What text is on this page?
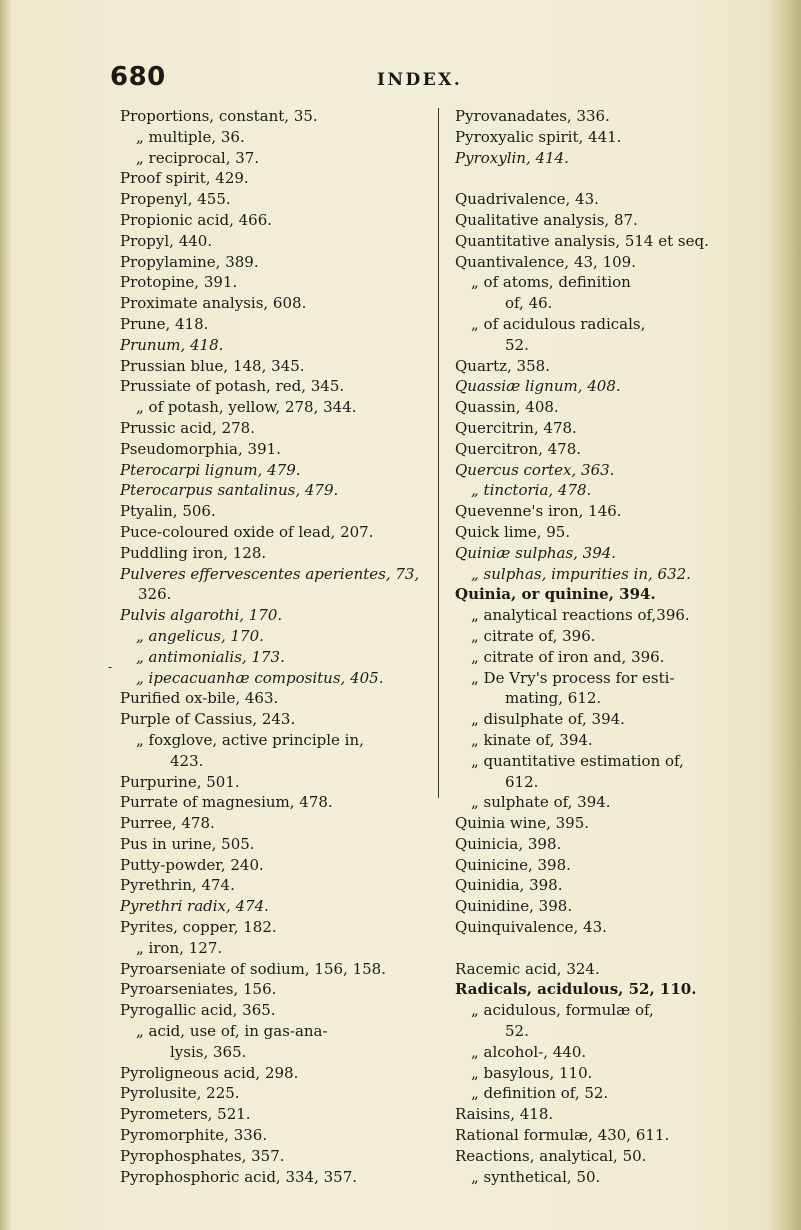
680	INDEX.
-
Proportions, constant, 35.
„ multiple, 36.
„ reciprocal, 37.
Proof spirit, 429.
Propenyl, 455.
Propionic acid, 466.
Propyl, 440.
Propylamine, 389.
Protopine, 391.
Proximate analysis, 608.
Prune, 418.
Prunum, 418.
Prussian blue, 148, 345.
Prussiate of potash, red, 345.
„ of potash, yellow, 278, 344.
Prussic acid, 278.
Pseudomorphia, 391.
Pterocarpi lignum, 479.
Pterocarpus santalinus, 479.
Ptyalin, 506.
Puce-coloured oxide of lead, 207.
Puddling iron, 128.
Pulveres effervescentes aperientes, 73,
326.
Pulvis algarothi, 170.
„ angelicus, 170.
„ antimonialis, 173.
„ ipecacuanhæ compositus, 405.
Purified ox-bile, 463.
Purple of Cassius, 243.
„ foxglove, active principle in,
423.
Purpurine, 501.
Purrate of magnesium, 478.
Purree, 478.
Pus in urine, 505.
Putty-powder, 240.
Pyrethrin, 474.
Pyrethri radix, 474.
Pyrites, copper, 182.
„ iron, 127.
Pyroarseniate of sodium, 156, 158.
Pyroarseniates, 156.
Pyrogallic acid, 365.
„ acid, use of, in gas-ana-
lysis, 365.
Pyroligneous acid, 298.
Pyrolusite, 225.
Pyrometers, 521.
Pyromorphite, 336.
Pyrophosphates, 357.
Pyrophosphoric acid, 334, 357.
Pyrovanadates, 336.
Pyroxyalic spirit, 441.
Pyroxylin, 414.
Quadrivalence, 43.
Qualitative analysis, 87.
Quantitative analysis, 514 et seq.
Quantivalence, 43, 109.
„ of atoms, definition
of, 46.
„ of acidulous radicals,
52.
Quartz, 358.
Quassiæ lignum, 408.
Quassin, 408.
Quercitrin, 478.
Quercitron, 478.
Quercus cortex, 363.
„ tinctoria, 478.
Quevenne's iron, 146.
Quick lime, 95.
Quiniæ sulphas, 394.
„ sulphas, impurities in, 632.
Quinia, or quinine, 394.
„ analytical reactions of,396.
„ citrate of, 396.
„ citrate of iron and, 396.
„ De Vry's process for esti-
mating, 612.
„ disulphate of, 394.
„ kinate of, 394.
„ quantitative estimation of,
612.
„ sulphate of, 394.
Quinia wine, 395.
Quinicia, 398.
Quinicine, 398.
Quinidia, 398.
Quinidine, 398.
Quinquivalence, 43.
Racemic acid, 324.
Radicals, acidulous, 52, 110.
„ acidulous, formulæ of,
52.
„ alcohol-, 440.
„ basylous, 110.
„ definition of, 52.
Raisins, 418.
Rational formulæ, 430, 611.
Reactions, analytical, 50.
„ synthetical, 50.
